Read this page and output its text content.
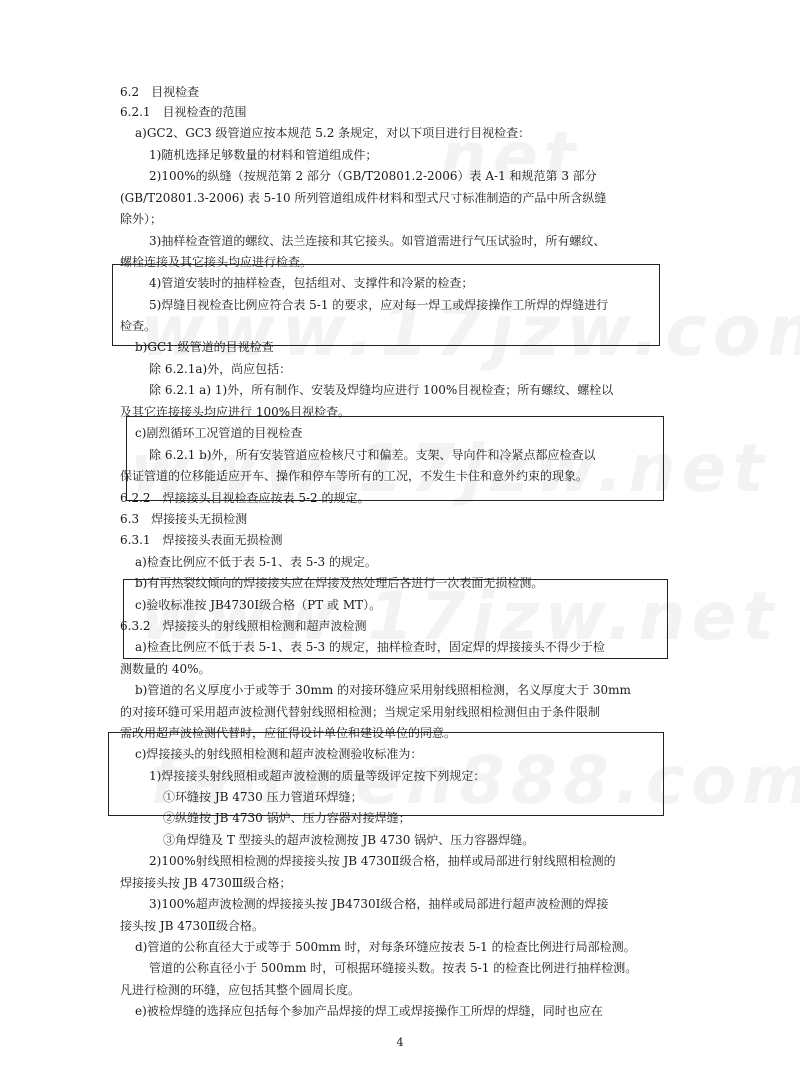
6.2　目视检查
6.2.1　目视检查的范围
a)GC2、GC3 级管道应按本规范 5.2 条规定，对以下项目进行目视检查：
1)随机选择足够数量的材料和管道组成件；
2)100%的纵缝（按规范第 2 部分（GB/T20801.2-2006）表 A-1 和规范第 3 部分
(GB/T20801.3-2006) 表 5-10 所列管道组成件材料和型式尺寸标准制造的产品中所含纵缝
除外）；
3)抽样检查管道的螺纹、法兰连接和其它接头。如管道需进行气压试验时，所有螺纹、
螺栓连接及其它接头均应进行检查。
4)管道安装时的抽样检查，包括组对、支撑件和冷紧的检查；
5)焊缝目视检查比例应符合表 5-1 的要求，应对每一焊工或焊接操作工所焊的焊缝进行
检查。
b)GC1 级管道的目视检查
除 6.2.1a)外，尚应包括：
除 6.2.1 a) 1)外，所有制作、安装及焊缝均应进行 100%目视检查；所有螺纹、螺栓以
及其它连接接头均应进行 100%目视检查。
c)剧烈循环工况管道的目视检查
除 6.2.1 b)外，所有安装管道应检核尺寸和偏差。支架、导向件和冷紧点都应检查以
保证管道的位移能适应开车、操作和停车等所有的工况，不发生卡住和意外约束的现象。
6.2.2　焊接接头目视检查应按表 5-2 的规定。
6.3　焊接接头无损检测
6.3.1　焊接接头表面无损检测
a)检查比例应不低于表 5-1、表 5-3 的规定。
b)有再热裂纹倾向的焊接接头应在焊接及热处理后各进行一次表面无损检测。
c)验收标准按 JB4730Ⅰ级合格（PT 或 MT）。
6.3.2　焊接接头的射线照相检测和超声波检测
a)检查比例应不低于表 5-1、表 5-3 的规定，抽样检查时，固定焊的焊接接头不得少于检
测数量的 40%。
b)管道的名义厚度小于或等于 30mm 的对接环缝应采用射线照相检测，名义厚度大于 30mm
的对接环缝可采用超声波检测代替射线照相检测；当规定采用射线照相检测但由于条件限制
需改用超声波检测代替时，应征得设计单位和建设单位的同意。
c)焊接接头的射线照相检测和超声波检测验收标准为：
1)焊接接头射线照相或超声波检测的质量等级评定按下列规定：
①环缝按 JB 4730 压力管道环焊缝；
②纵缝按 JB 4730 锅炉、压力容器对接焊缝；
③角焊缝及 T 型接头的超声波检测按 JB 4730 锅炉、压力容器焊缝。
2)100%射线照相检测的焊接接头按 JB 4730Ⅱ级合格，抽样或局部进行射线照相检测的
焊接接头按 JB 4730Ⅲ级合格；
3)100%超声波检测的焊接接头按 JB4730Ⅰ级合格，抽样或局部进行超声波检测的焊接
接头按 JB 4730Ⅱ级合格。
d)管道的公称直径大于或等于 500mm 时，对每条环缝应按表 5-1 的检查比例进行局部检测。
管道的公称直径小于 500mm 时，可根据环缝接头数。按表 5-1 的检查比例进行抽样检测。
凡进行检测的环缝，应包括其整个圆周长度。
e)被检焊缝的选择应包括每个参加产品焊接的焊工或焊接操作工所焊的焊缝，同时也应在
4
